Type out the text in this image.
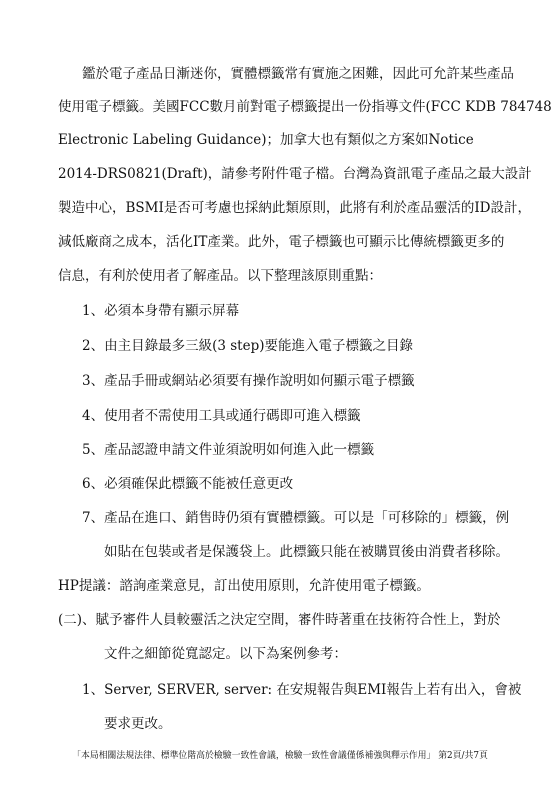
鑑於電子產品日漸迷你，實體標籤常有實施之困難，因此可允許某些產品
使用電子標籤。美國FCC數月前對電子標籤提出一份指導文件(FCC KDB 784748
Electronic Labeling Guidance)；加拿大也有類似之方案如Notice
2014-DRS0821(Draft)，請參考附件電子檔。台灣為資訊電子產品之最大設計
製造中心，BSMI是否可考慮也採納此類原則，此將有利於產品靈活的ID設計，
減低廠商之成本，活化IT產業。此外，電子標籤也可顯示比傳統標籤更多的
信息，有利於使用者了解產品。以下整理該原則重點：
1、必須本身帶有顯示屏幕
2、由主目錄最多三級(3 step)要能進入電子標籤之目錄
3、產品手冊或網站必須要有操作說明如何顯示電子標籤
4、使用者不需使用工具或通行碼即可進入標籤
5、產品認證申請文件並須說明如何進入此一標籤
6、必須確保此標籤不能被任意更改
7、產品在進口、銷售時仍須有實體標籤。可以是「可移除的」標籤，例
如貼在包裝或者是保護袋上。此標籤只能在被購買後由消費者移除。
HP提議：諮詢產業意見，訂出使用原則，允許使用電子標籤。
(二)、賦予審件人員較靈活之決定空間，審件時著重在技術符合性上，對於
文件之細節從寬認定。以下為案例參考：
1、Server, SERVER, server: 在安規報告與EMI報告上若有出入，會被
要求更改。
「本局相關法規法律、標準位階高於檢驗一致性會議，檢驗一致性會議僅係補強與釋示作用」 第2頁/共7頁
